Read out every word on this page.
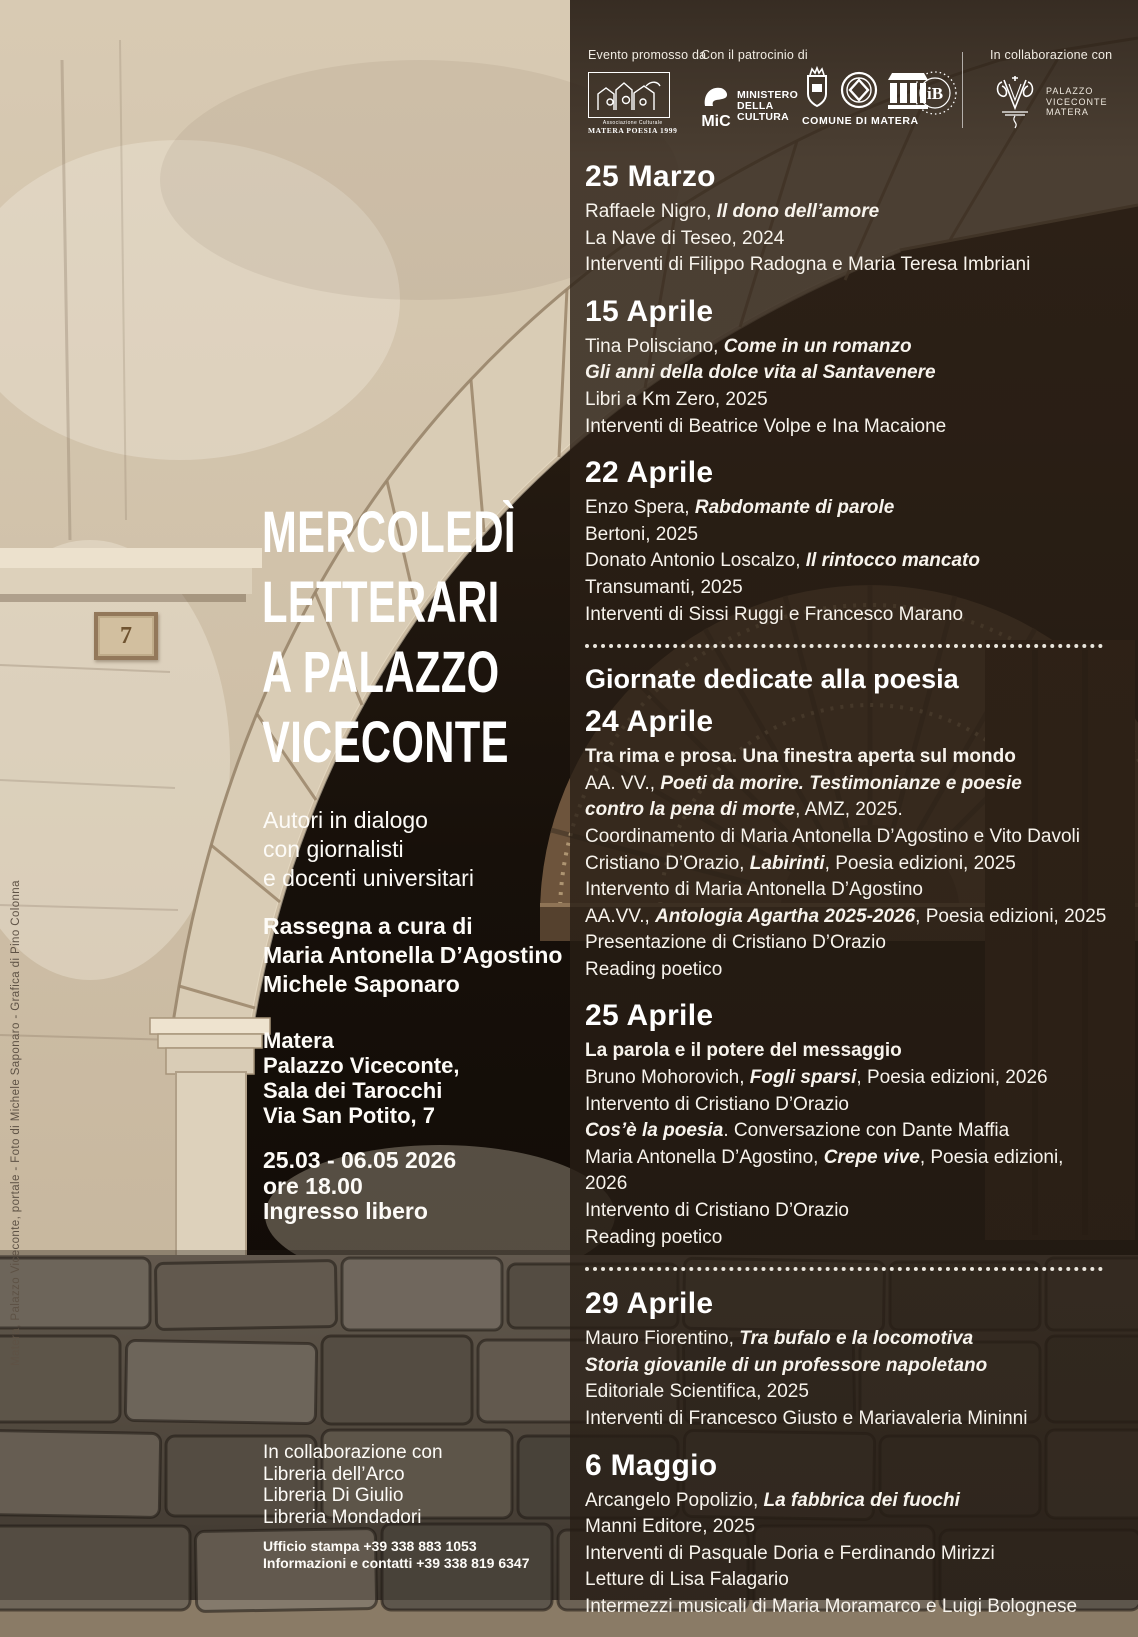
Evento promosso da
Con il patrocinio di	In collaborazione con
Associazione Culturale
MATERA POESIA 1999
MiC
MINISTERO
DELLA
CULTURA	COMUNE DI MATERA
iB	PALAZZO
VICECONTE
MATERA
7
MERCOLEDÌ
LETTERARI
A PALAZZO
VICECONTE
Autori in dialogo
con giornalisti
e docenti universitari
Rassegna a cura di
Maria Antonella D’Agostino
Michele Saponaro
Matera
Palazzo Viceconte,
Sala dei Tarocchi
Via San Potito, 7
25.03 - 06.05 2026
ore 18.00
Ingresso libero
In collaborazione con
Libreria dell’Arco
Libreria Di Giulio
Libreria Mondadori
Ufficio stampa +39 338 883 1053
Informazioni e contatti +39 338 819 6347
Matera, Palazzo Viceconte, portale - Foto di Michele Saponaro - Grafica di Pino Colonna
25 Marzo
Raffaele Nigro, Il dono dell’amore
La Nave di Teseo, 2024
Interventi di Filippo Radogna e Maria Teresa Imbriani
15 Aprile
Tina Polisciano, Come in un romanzo
Gli anni della dolce vita al Santavenere
Libri a Km Zero, 2025
Interventi di Beatrice Volpe e Ina Macaione
22 Aprile
Enzo Spera, Rabdomante di parole
Bertoni, 2025
Donato Antonio Loscalzo, Il rintocco mancato
Transumanti, 2025
Interventi di Sissi Ruggi e Francesco Marano
Giornate dedicate alla poesia
24 Aprile
Tra rima e prosa. Una finestra aperta sul mondo
AA. VV., Poeti da morire. Testimonianze e poesie
contro la pena di morte, AMZ, 2025.
Coordinamento di Maria Antonella D’Agostino e Vito Davoli
Cristiano D’Orazio, Labirinti, Poesia edizioni, 2025
Intervento di Maria Antonella D’Agostino
AA.VV., Antologia Agartha 2025-2026, Poesia edizioni, 2025
Presentazione di Cristiano D’Orazio
Reading poetico
25 Aprile
La parola e il potere del messaggio
Bruno Mohorovich, Fogli sparsi, Poesia edizioni, 2026
Intervento di Cristiano D’Orazio
Cos’è la poesia. Conversazione con Dante Maffia
Maria Antonella D’Agostino, Crepe vive, Poesia edizioni, 2026
Intervento di Cristiano D’Orazio
Reading poetico
29 Aprile
Mauro Fiorentino, Tra bufalo e la locomotiva
Storia giovanile di un professore napoletano
Editoriale Scientifica, 2025
Interventi di Francesco Giusto e Mariavaleria Mininni
6 Maggio
Arcangelo Popolizio, La fabbrica dei fuochi
Manni Editore, 2025
Interventi di Pasquale Doria e Ferdinando Mirizzi
Letture di Lisa Falagario
Intermezzi musicali di Maria Moramarco e Luigi Bolognese
